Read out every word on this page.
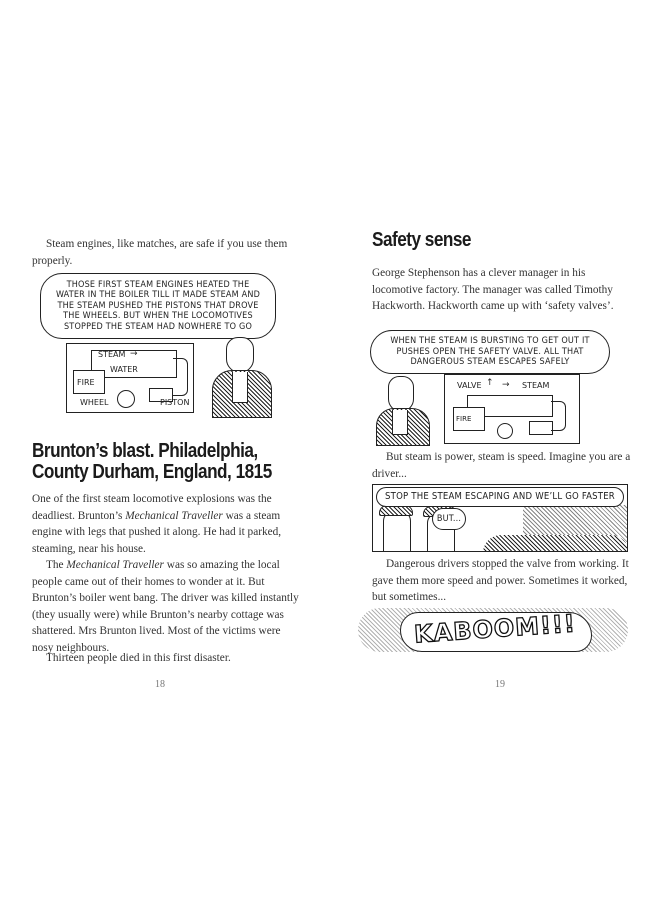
Steam engines, like matches, are safe if you use them properly.

THOSE FIRST STEAM ENGINES HEATED THE WATER IN THE BOILER TILL IT MADE STEAM AND THE STEAM PUSHED THE PISTONS THAT DROVE THE WHEELS. BUT WHEN THE LOCOMOTIVES STOPPED THE STEAM HAD NOWHERE TO GO
STEAM →
WATER
FIRE
WHEEL	PISTON
Brunton’s blast. Philadelphia, County Durham, England, 1815

One of the first steam locomotive explosions was the deadliest. Brunton’s Mechanical Traveller was a steam engine with legs that pushed it along. He had it parked, steaming, near his house.

The Mechanical Traveller was so amazing the local people came out of their homes to wonder at it. But Brunton’s boiler went bang. The driver was killed instantly (they usually were) while Brunton’s nearby cottage was shattered. Mrs Brunton lived. Most of the victims were nosy neighbours.

Thirteen people died in this first disaster.

18
Safety sense

George Stephenson has a clever manager in his locomotive factory. The manager was called Timothy Hackworth. Hackworth came up with ‘safety valves’.

WHEN THE STEAM IS BURSTING TO GET OUT IT PUSHES OPEN THE SAFETY VALVE. ALL THAT DANGEROUS STEAM ESCAPES SAFELY
VALVE ↑ → STEAM
FIRE

But steam is power, steam is speed. Imagine you are a driver...

STOP THE STEAM ESCAPING AND WE’LL GO FASTER
BUT...

Dangerous drivers stopped the valve from working. It gave them more speed and power. Sometimes it worked, but sometimes...

KABOOM!!!
19
